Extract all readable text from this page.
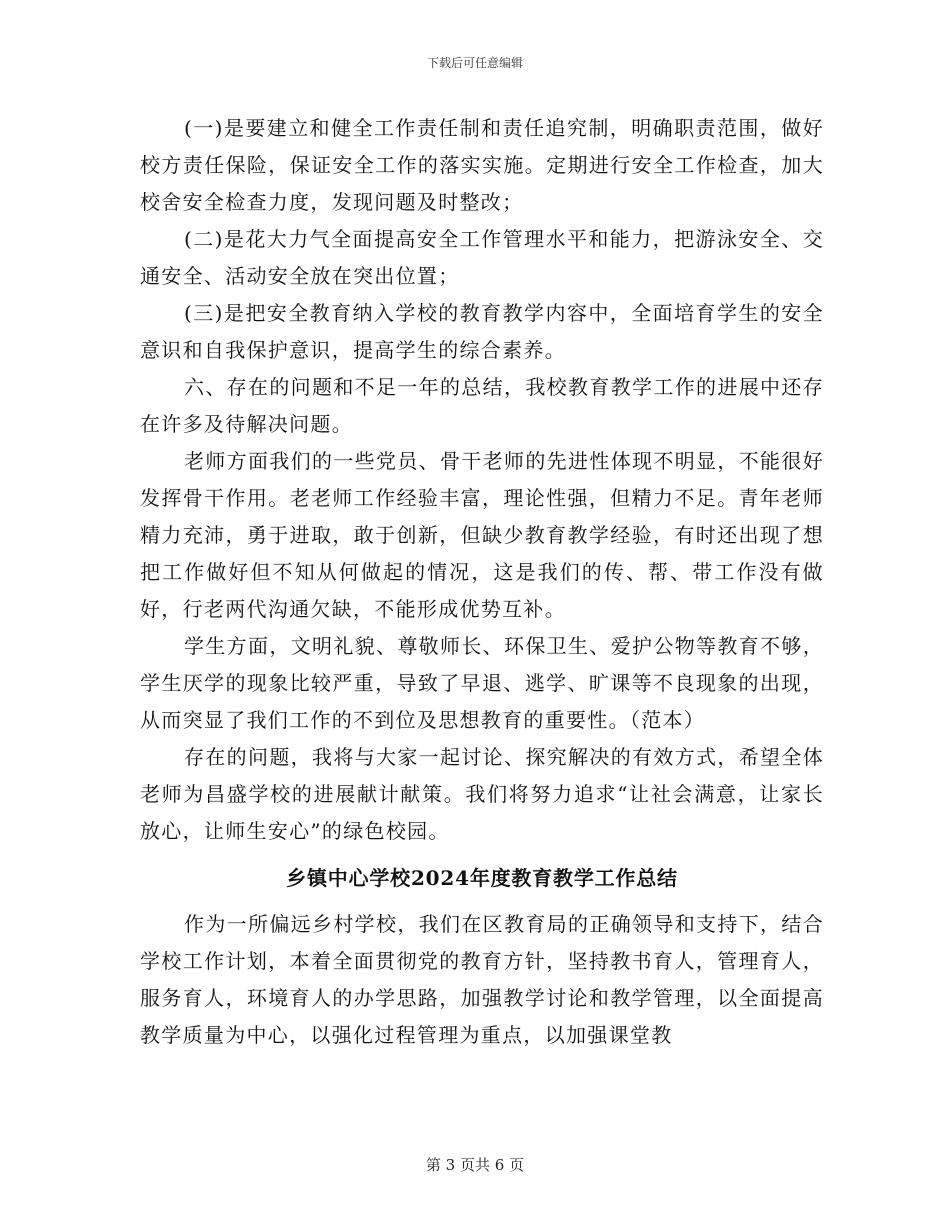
下载后可任意编辑

(一)是要建立和健全工作责任制和责任追究制，明确职责范围，做好校方责任保险，保证安全工作的落实实施。定期进行安全工作检查，加大校舍安全检查力度，发现问题及时整改；

(二)是花大力气全面提高安全工作管理水平和能力，把游泳安全、交通安全、活动安全放在突出位置；

(三)是把安全教育纳入学校的教育教学内容中，全面培育学生的安全意识和自我保护意识，提高学生的综合素养。

六、存在的问题和不足一年的总结，我校教育教学工作的进展中还存在许多及待解决问题。

老师方面我们的一些党员、骨干老师的先进性体现不明显，不能很好发挥骨干作用。老老师工作经验丰富，理论性强，但精力不足。青年老师精力充沛，勇于进取，敢于创新，但缺少教育教学经验，有时还出现了想把工作做好但不知从何做起的情况，这是我们的传、帮、带工作没有做好，行老两代沟通欠缺，不能形成优势互补。

学生方面，文明礼貌、尊敬师长、环保卫生、爱护公物等教育不够，学生厌学的现象比较严重，导致了早退、逃学、旷课等不良现象的出现，从而突显了我们工作的不到位及思想教育的重要性。（范本）

存在的问题，我将与大家一起讨论、探究解决的有效方式，希望全体老师为昌盛学校的进展献计献策。我们将努力追求“让社会满意，让家长放心，让师生安心”的绿色校园。

乡镇中心学校2024年度教育教学工作总结

作为一所偏远乡村学校，我们在区教育局的正确领导和支持下，结合学校工作计划，本着全面贯彻党的教育方针，坚持教书育人，管理育人，服务育人，环境育人的办学思路，加强教学讨论和教学管理，以全面提高教学质量为中心，以强化过程管理为重点，以加强课堂教

第 3 页共 6 页
